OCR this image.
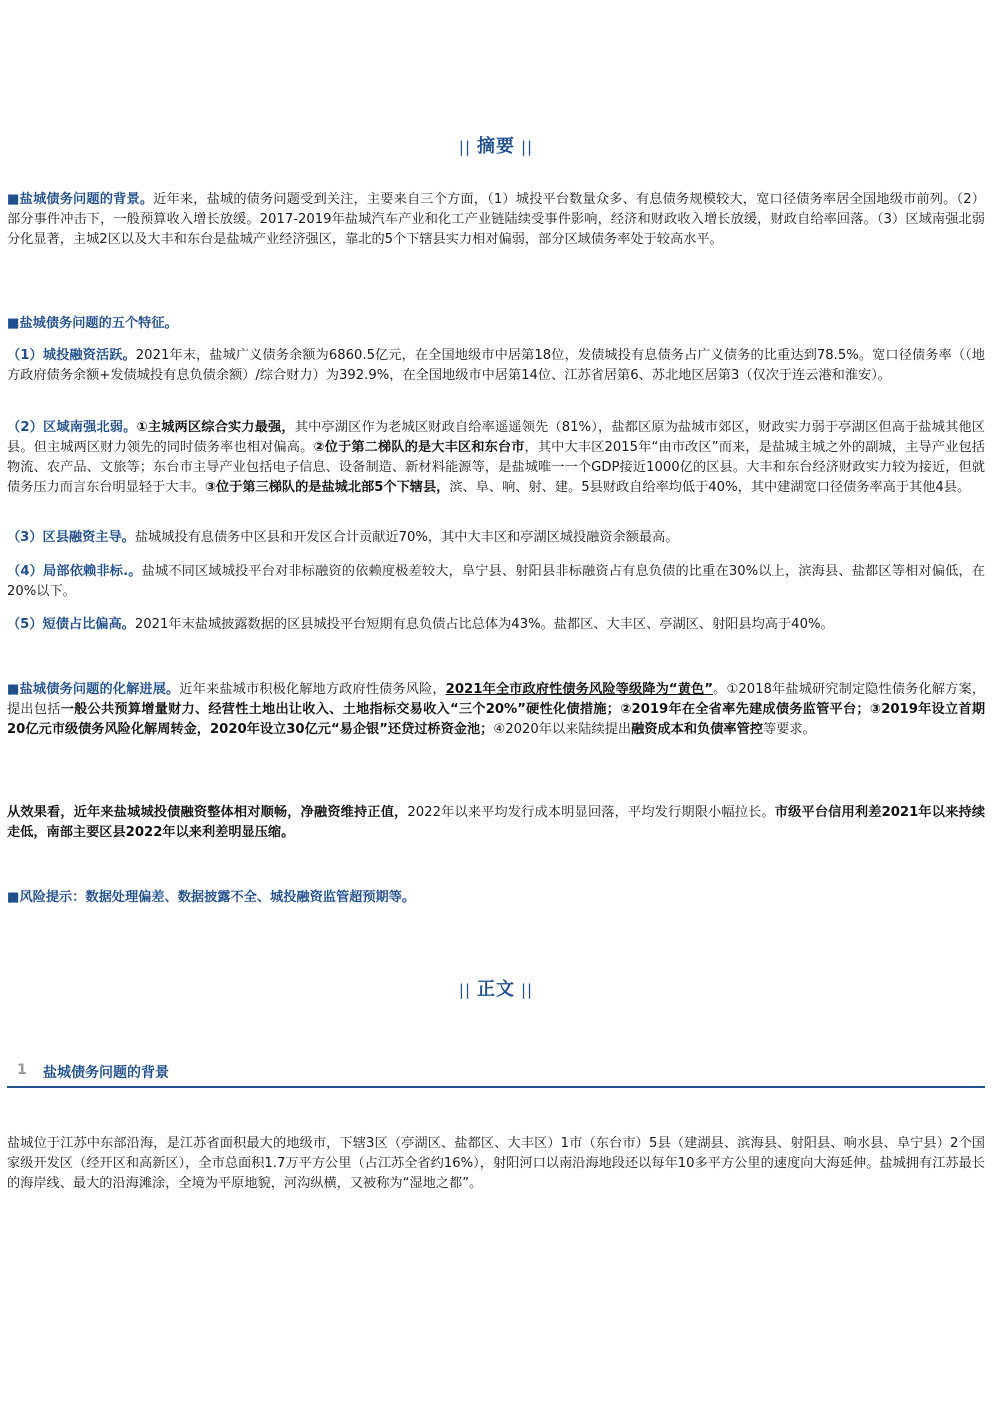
|| 摘要 ||
■盐城债务问题的背景。近年来，盐城的债务问题受到关注，主要来自三个方面，（1）城投平台数量众多、有息债务规模较大，宽口径债务率居全国地级市前列。（2）部分事件冲击下，一般预算收入增长放缓。2017-2019年盐城汽车产业和化工产业链陆续受事件影响，经济和财政收入增长放缓，财政自给率回落。（3）区域南强北弱分化显著，主城2区以及大丰和东台是盐城产业经济强区，靠北的5个下辖县实力相对偏弱，部分区域债务率处于较高水平。
■盐城债务问题的五个特征。
（1）城投融资活跃。2021年末，盐城广义债务余额为6860.5亿元，在全国地级市中居第18位，发债城投有息债务占广义债务的比重达到78.5%。宽口径债务率（（地方政府债务余额+发债城投有息负债余额）/综合财力）为392.9%，在全国地级市中居第14位、江苏省居第6、苏北地区居第3（仅次于连云港和淮安）。
（2）区域南强北弱。①主城两区综合实力最强，其中亭湖区作为老城区财政自给率遥遥领先（81%），盐都区原为盐城市郊区，财政实力弱于亭湖区但高于盐城其他区县。但主城两区财力领先的同时债务率也相对偏高。②位于第二梯队的是大丰区和东台市，其中大丰区2015年“由市改区”而来，是盐城主城之外的副城，主导产业包括物流、农产品、文旅等；东台市主导产业包括电子信息、设备制造、新材料能源等，是盐城唯一一个GDP接近1000亿的区县。大丰和东台经济财政实力较为接近，但就债务压力而言东台明显轻于大丰。③位于第三梯队的是盐城北部5个下辖县，滨、阜、响、射、建。5县财政自给率均低于40%，其中建湖宽口径债务率高于其他4县。
（3）区县融资主导。盐城城投有息债务中区县和开发区合计贡献近70%，其中大丰区和亭湖区城投融资余额最高。
（4）局部依赖非标.。盐城不同区域城投平台对非标融资的依赖度极差较大，阜宁县、射阳县非标融资占有息负债的比重在30%以上，滨海县、盐都区等相对偏低，在20%以下。
（5）短债占比偏高。2021年末盐城披露数据的区县城投平台短期有息负债占比总体为43%。盐都区、大丰区、亭湖区、射阳县均高于40%。
■盐城债务问题的化解进展。近年来盐城市积极化解地方政府性债务风险，2021年全市政府性债务风险等级降为“黄色”。①2018年盐城研究制定隐性债务化解方案，提出包括一般公共预算增量财力、经营性土地出让收入、土地指标交易收入“三个20%”硬性化债措施；②2019年在全省率先建成债务监管平台；③2019年设立首期20亿元市级债务风险化解周转金，2020年设立30亿元“易企银”还贷过桥资金池；④2020年以来陆续提出融资成本和负债率管控等要求。
从效果看，近年来盐城城投债融资整体相对顺畅，净融资维持正值，2022年以来平均发行成本明显回落，平均发行期限小幅拉长。市级平台信用利差2021年以来持续走低，南部主要区县2022年以来利差明显压缩。
■风险提示：数据处理偏差、数据披露不全、城投融资监管超预期等。
|| 正文 ||
1 盐城债务问题的背景
盐城位于江苏中东部沿海，是江苏省面积最大的地级市，下辖3区（亭湖区、盐都区、大丰区）1市（东台市）5县（建湖县、滨海县、射阳县、响水县、阜宁县）2个国家级开发区（经开区和高新区），全市总面积1.7万平方公里（占江苏全省约16%），射阳河口以南沿海地段还以每年10多平方公里的速度向大海延伸。盐城拥有江苏最长的海岸线、最大的沿海滩涂，全境为平原地貌，河沟纵横，又被称为“湿地之都”。
